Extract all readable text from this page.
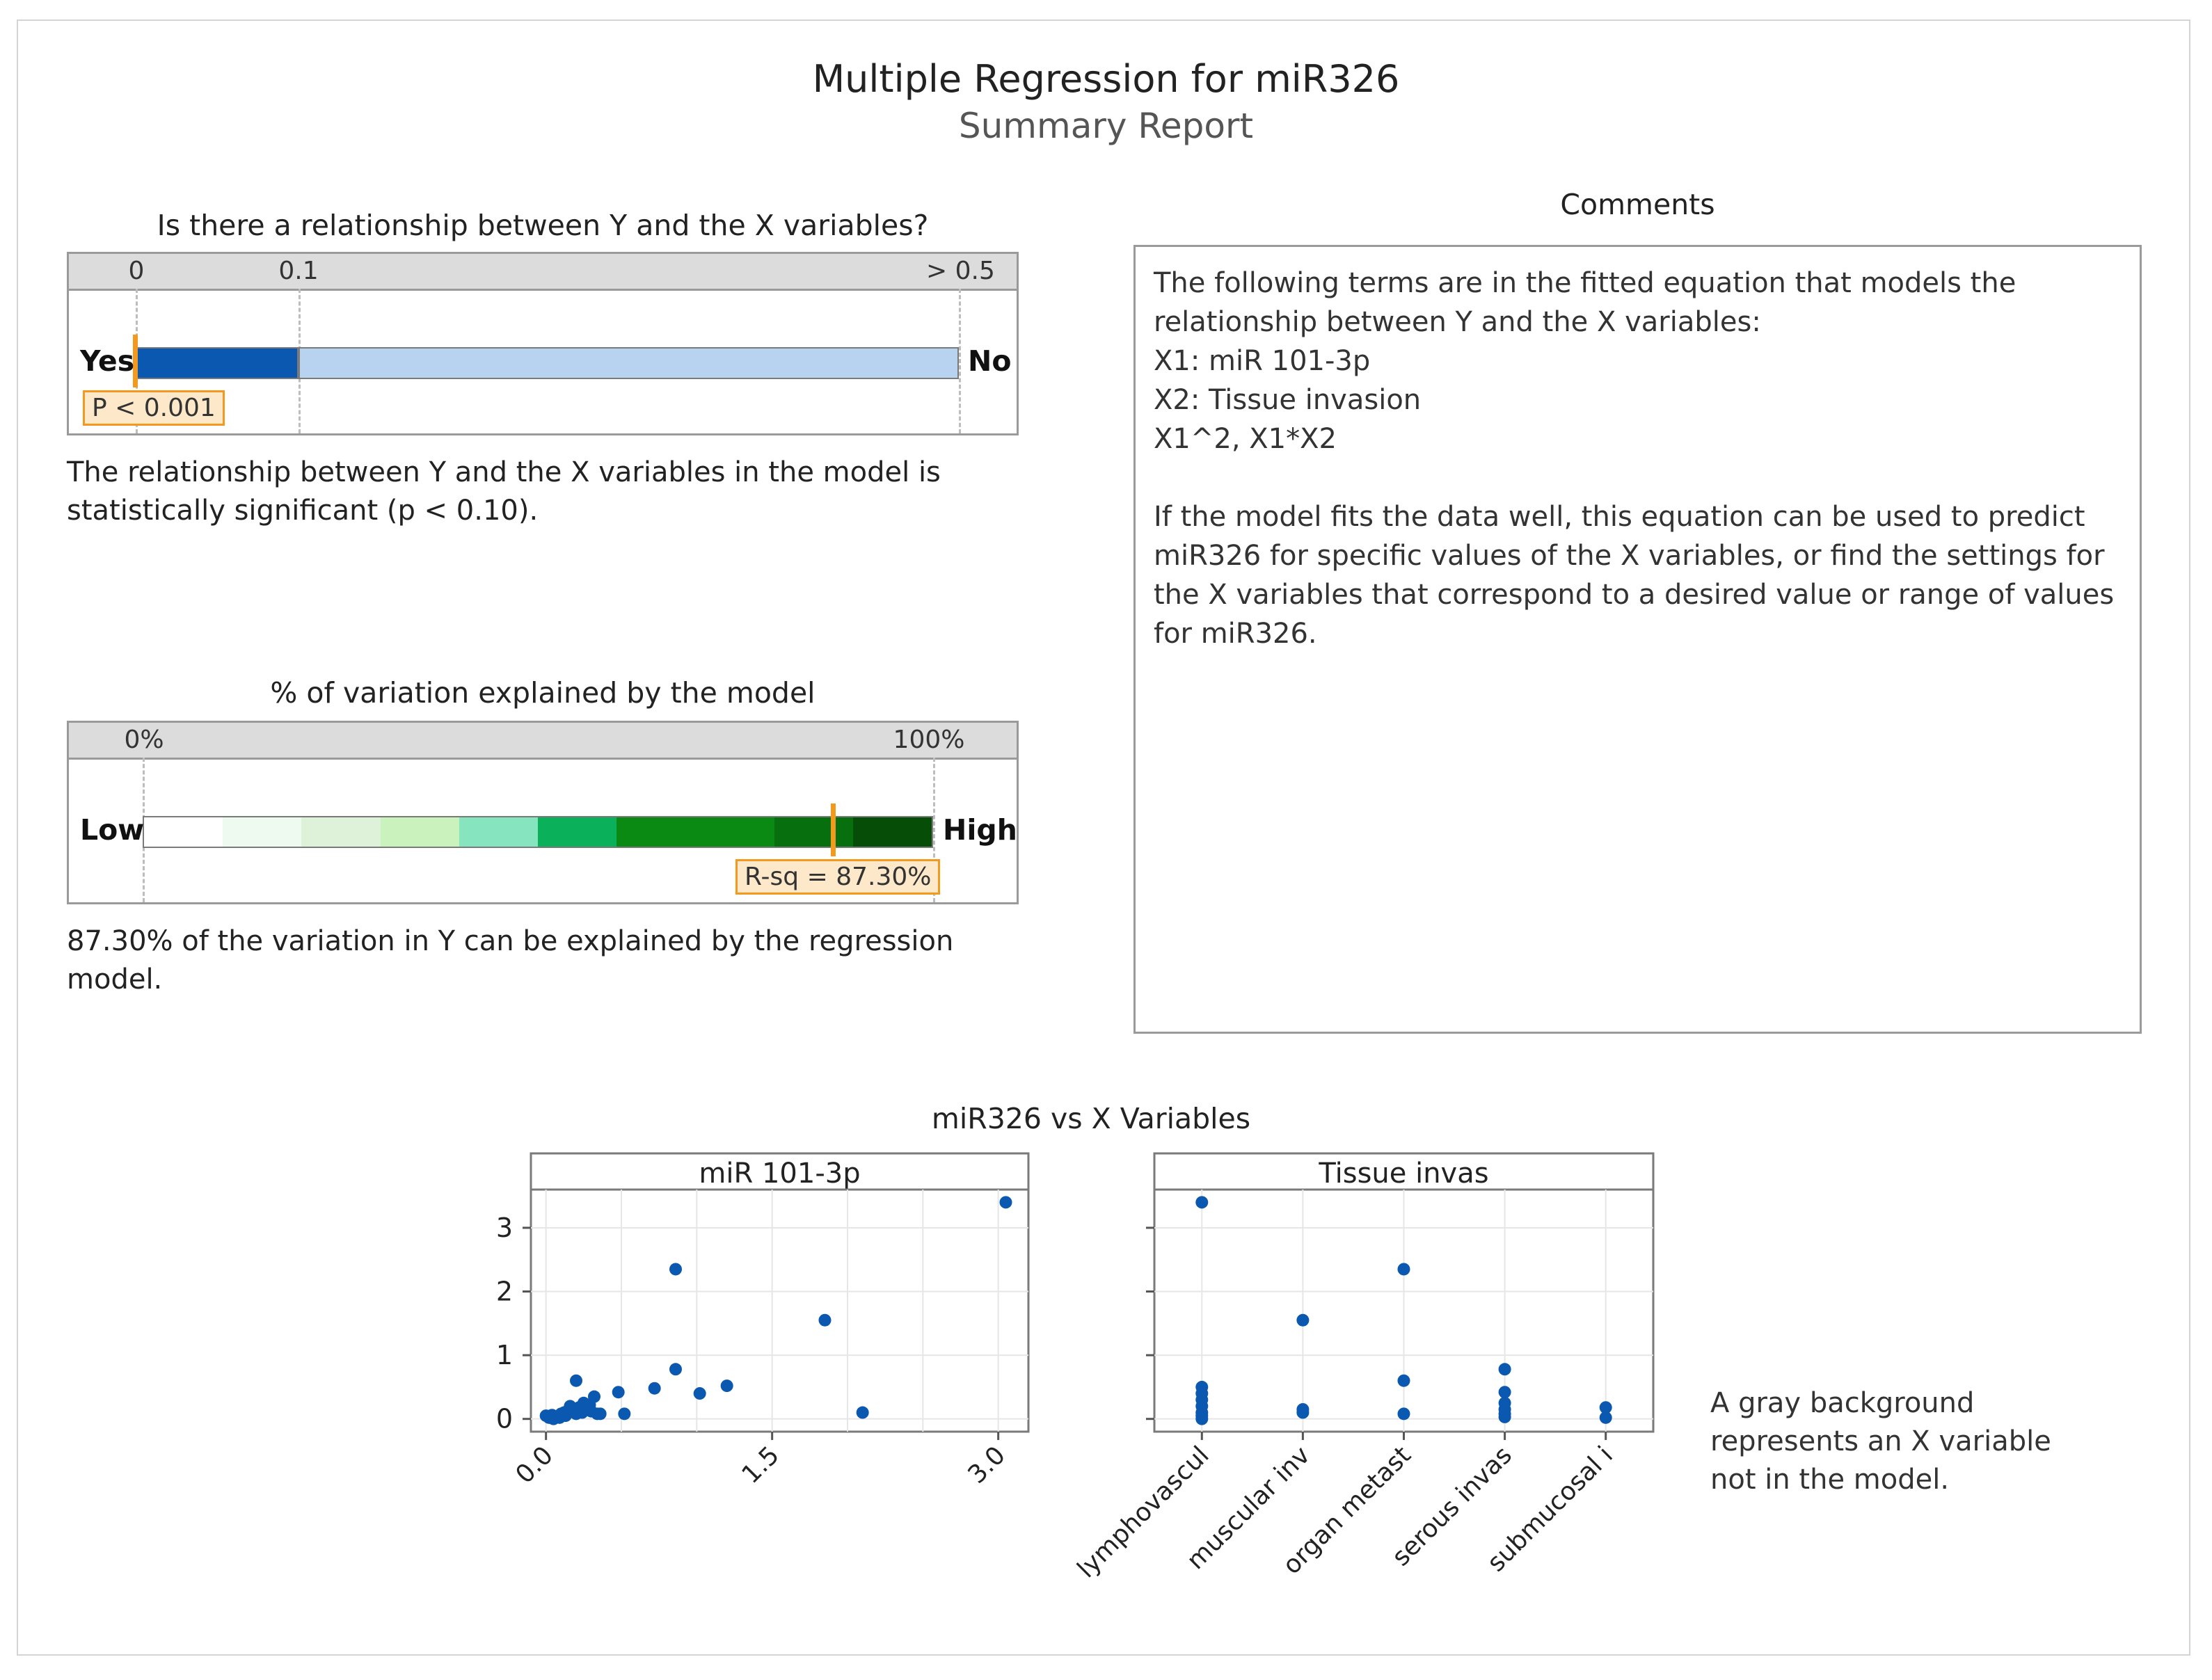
Multiple Regression for miR326
Summary Report
Is there a relationship between Y and the X variables?
0	0.1	> 0.5
Yes	No
P < 0.001
The relationship between Y and the X variables in the model is statistically significant (p < 0.10).
% of variation explained by the model
0%	100%
Low	High
R-sq = 87.30%
87.30% of the variation in Y can be explained by the regression model.
Comments

The following terms are in the fitted equation that models the relationship between Y and the X variables:

X1: miR 101-3p

X2: Tissue invasion

X1^2, X1*X2

If the model fits the data well, this equation can be used to predict miR326 for specific values of the X variables, or find the settings for the X variables that correspond to a desired value or range of values for miR326.

miR326 vs X Variables
miR 101-3p
0
1
2
3
0.0	1.5	3.0
Tissue invas
lymphovascul
muscular inv
organ metast
serous invas
submucosal i
A gray background represents an X variable not in the model.
